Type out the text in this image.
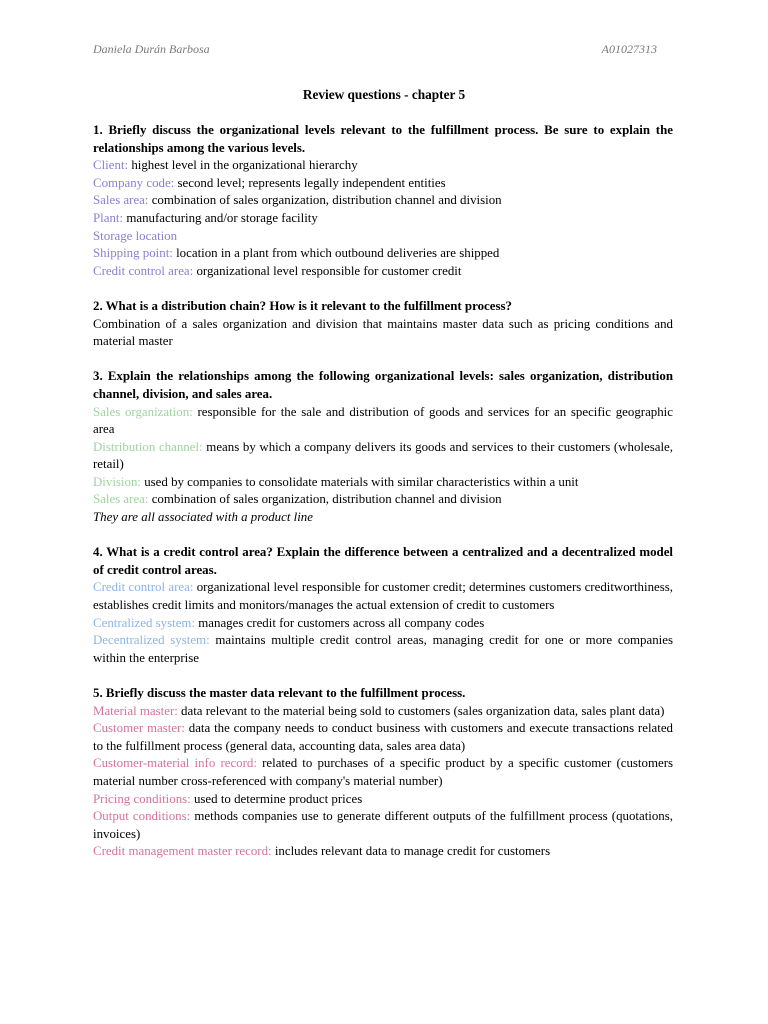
Daniela Durán Barbosa	A01027313
Review questions - chapter 5
1. Briefly discuss the organizational levels relevant to the fulfillment process. Be sure to explain the relationships among the various levels.
Client: highest level in the organizational hierarchy
Company code: second level; represents legally independent entities
Sales area: combination of sales organization, distribution channel and division
Plant: manufacturing and/or storage facility
Storage location
Shipping point: location in a plant from which outbound deliveries are shipped
Credit control area: organizational level responsible for customer credit
2. What is a distribution chain? How is it relevant to the fulfillment process?
Combination of a sales organization and division that maintains master data such as pricing conditions and material master
3. Explain the relationships among the following organizational levels: sales organization, distribution channel, division, and sales area.
Sales organization: responsible for the sale and distribution of goods and services for an specific geographic area
Distribution channel: means by which a company delivers its goods and services to their customers (wholesale, retail)
Division: used by companies to consolidate materials with similar characteristics within a unit
Sales area: combination of sales organization, distribution channel and division
They are all associated with a product line
4. What is a credit control area? Explain the difference between a centralized and a decentralized model of credit control areas.
Credit control area: organizational level responsible for customer credit; determines customers creditworthiness, establishes credit limits and monitors/manages the actual extension of credit to customers
Centralized system: manages credit for customers across all company codes
Decentralized system: maintains multiple credit control areas, managing credit for one or more companies within the enterprise
5. Briefly discuss the master data relevant to the fulfillment process.
Material master: data relevant to the material being sold to customers (sales organization data, sales plant data)
Customer master: data the company needs to conduct business with customers and execute transactions related to the fulfillment process (general data, accounting data, sales area data)
Customer-material info record: related to purchases of a specific product by a specific customer (customers material number cross-referenced with company's material number)
Pricing conditions: used to determine product prices
Output conditions: methods companies use to generate different outputs of the fulfillment process (quotations, invoices)
Credit management master record: includes relevant data to manage credit for customers
